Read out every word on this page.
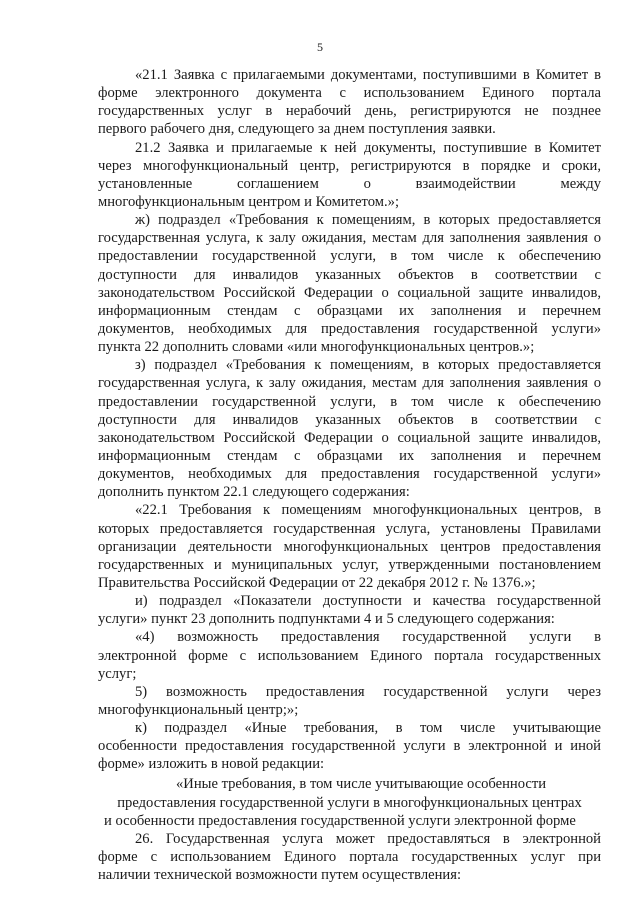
5
«21.1 Заявка с прилагаемыми документами, поступившими в Комитет в
форме электронного документа с использованием Единого портала
государственных услуг в нерабочий день, регистрируются не позднее
первого рабочего дня, следующего за днем поступления заявки.
21.2 Заявка и прилагаемые к ней документы, поступившие в Комитет
через многофункциональный центр, регистрируются в порядке и сроки,
установленные соглашением о взаимодействии между
многофункциональным центром и Комитетом.»;
ж) подраздел «Требования к помещениям, в которых предоставляется
государственная услуга, к залу ожидания, местам для заполнения заявления о
предоставлении государственной услуги, в том числе к обеспечению
доступности для инвалидов указанных объектов в соответствии с
законодательством Российской Федерации о социальной защите инвалидов,
информационным стендам с образцами их заполнения и перечнем
документов, необходимых для предоставления государственной услуги»
пункта 22 дополнить словами «или многофункциональных центров.»;
з) подраздел «Требования к помещениям, в которых предоставляется
государственная услуга, к залу ожидания, местам для заполнения заявления о
предоставлении государственной услуги, в том числе к обеспечению
доступности для инвалидов указанных объектов в соответствии с
законодательством Российской Федерации о социальной защите инвалидов,
информационным стендам с образцами их заполнения и перечнем
документов, необходимых для предоставления государственной услуги»
дополнить пунктом 22.1 следующего содержания:
«22.1 Требования к помещениям многофункциональных центров, в
которых предоставляется государственная услуга, установлены Правилами
организации деятельности многофункциональных центров предоставления
государственных и муниципальных услуг, утвержденными постановлением
Правительства Российской Федерации от 22 декабря 2012 г. № 1376.»;
и) подраздел «Показатели доступности и качества государственной
услуги» пункт 23 дополнить подпунктами 4 и 5 следующего содержания:
«4) возможность предоставления государственной услуги в
электронной форме с использованием Единого портала государственных
услуг;
5) возможность предоставления государственной услуги через
многофункциональный центр;»;
к) подраздел «Иные требования, в том числе учитывающие
особенности предоставления государственной услуги в электронной и иной
форме» изложить в новой редакции:
«Иные требования, в том числе учитывающие особенности
предоставления государственной услуги в многофункциональных центрах
и особенности предоставления государственной услуги электронной форме
26. Государственная услуга может предоставляться в электронной
форме с использованием Единого портала государственных услуг при
наличии технической возможности путем осуществления:
